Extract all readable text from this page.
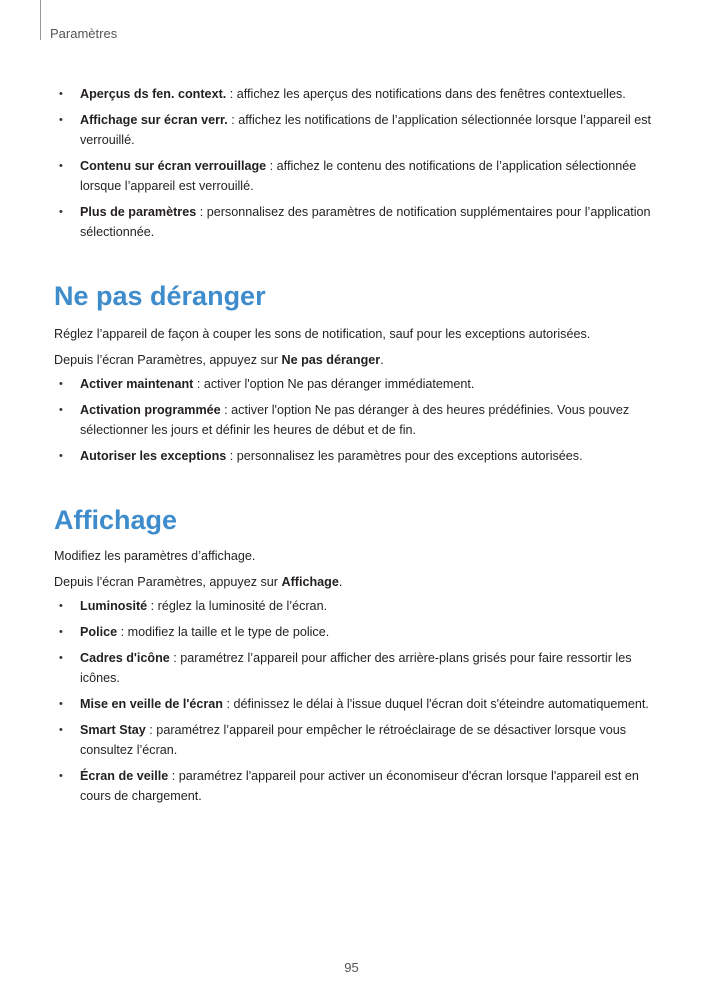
Paramètres
• Aperçus ds fen. context. : affichez les aperçus des notifications dans des fenêtres contextuelles.
• Affichage sur écran verr. : affichez les notifications de l’application sélectionnée lorsque l’appareil est verrouillé.
• Contenu sur écran verrouillage : affichez le contenu des notifications de l’application sélectionnée lorsque l’appareil est verrouillé.
• Plus de paramètres : personnalisez des paramètres de notification supplémentaires pour l’application sélectionnée.
Ne pas déranger

Réglez l’appareil de façon à couper les sons de notification, sauf pour les exceptions autorisées.

Depuis l’écran Paramètres, appuyez sur Ne pas déranger.

• Activer maintenant : activer l'option Ne pas déranger immédiatement.
• Activation programmée : activer l'option Ne pas déranger à des heures prédéfinies. Vous pouvez sélectionner les jours et définir les heures de début et de fin.
• Autoriser les exceptions : personnalisez les paramètres pour des exceptions autorisées.
Affichage

Modifiez les paramètres d’affichage.

Depuis l’écran Paramètres, appuyez sur Affichage.

• Luminosité : réglez la luminosité de l’écran.
• Police : modifiez la taille et le type de police.
• Cadres d'icône : paramétrez l’appareil pour afficher des arrière-plans grisés pour faire ressortir les icônes.
• Mise en veille de l'écran : définissez le délai à l'issue duquel l'écran doit s'éteindre automatiquement.
• Smart Stay : paramétrez l’appareil pour empêcher le rétroéclairage de se désactiver lorsque vous consultez l’écran.
• Écran de veille : paramétrez l'appareil pour activer un économiseur d'écran lorsque l'appareil est en cours de chargement.
95
